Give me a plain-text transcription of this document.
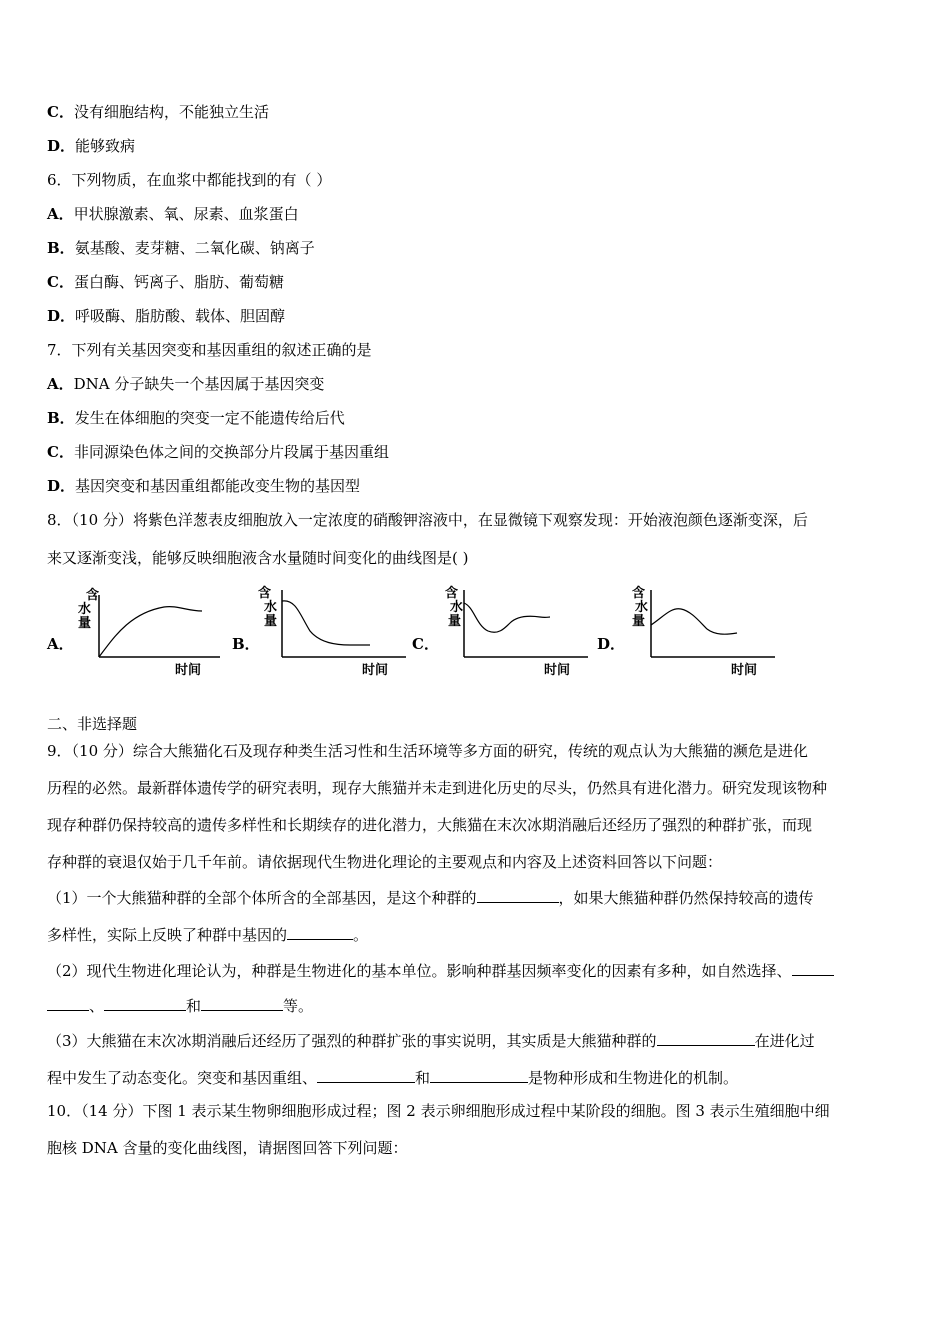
C．没有细胞结构，不能独立生活
D．能够致病
6．下列物质，在血浆中都能找到的有（ ）
A．甲状腺激素、氧、尿素、血浆蛋白
B．氨基酸、麦芽糖、二氧化碳、钠离子
C．蛋白酶、钙离子、脂肪、葡萄糖
D．呼吸酶、脂肪酸、载体、胆固醇
7．下列有关基因突变和基因重组的叙述正确的是
A．DNA 分子缺失一个基因属于基因突变
B．发生在体细胞的突变一定不能遗传给后代
C．非同源染色体之间的交换部分片段属于基因重组
D．基因突变和基因重组都能改变生物的基因型
8．（10 分）将紫色洋葱表皮细胞放入一定浓度的硝酸钾溶液中，在显微镜下观察发现：开始液泡颜色逐渐变深，后
来又逐渐变浅，能够反映细胞液含水量随时间变化的曲线图是( )
A．	B．	C．	D．
含
水
量
时间
含
水
量
时间
含
水
量
时间
含
水
量
时间
二、非选择题
9．（10 分）综合大熊猫化石及现存种类生活习性和生活环境等多方面的研究，传统的观点认为大熊猫的濒危是进化
历程的必然。最新群体遗传学的研究表明，现存大熊猫并未走到进化历史的尽头，仍然具有进化潜力。研究发现该物种
现存种群仍保持较高的遗传多样性和长期续存的进化潜力，大熊猫在末次冰期消融后还经历了强烈的种群扩张，而现
存种群的衰退仅始于几千年前。请依据现代生物进化理论的主要观点和内容及上述资料回答以下问题：
（1）一个大熊猫种群的全部个体所含的全部基因，是这个种群的	，如果大熊猫种群仍然保持较高的遗传
多样性，实际上反映了种群中基因的	。
（2）现代生物进化理论认为，种群是生物进化的基本单位。影响种群基因频率变化的因素有多种，如自然选择、
、	和	等。
（3）大熊猫在末次冰期消融后还经历了强烈的种群扩张的事实说明，其实质是大熊猫种群的	在进化过
程中发生了动态变化。突变和基因重组、	和	是物种形成和生物进化的机制。
10．（14 分）下图 1 表示某生物卵细胞形成过程；图 2 表示卵细胞形成过程中某阶段的细胞。图 3 表示生殖细胞中细
胞核 DNA 含量的变化曲线图，请据图回答下列问题：
